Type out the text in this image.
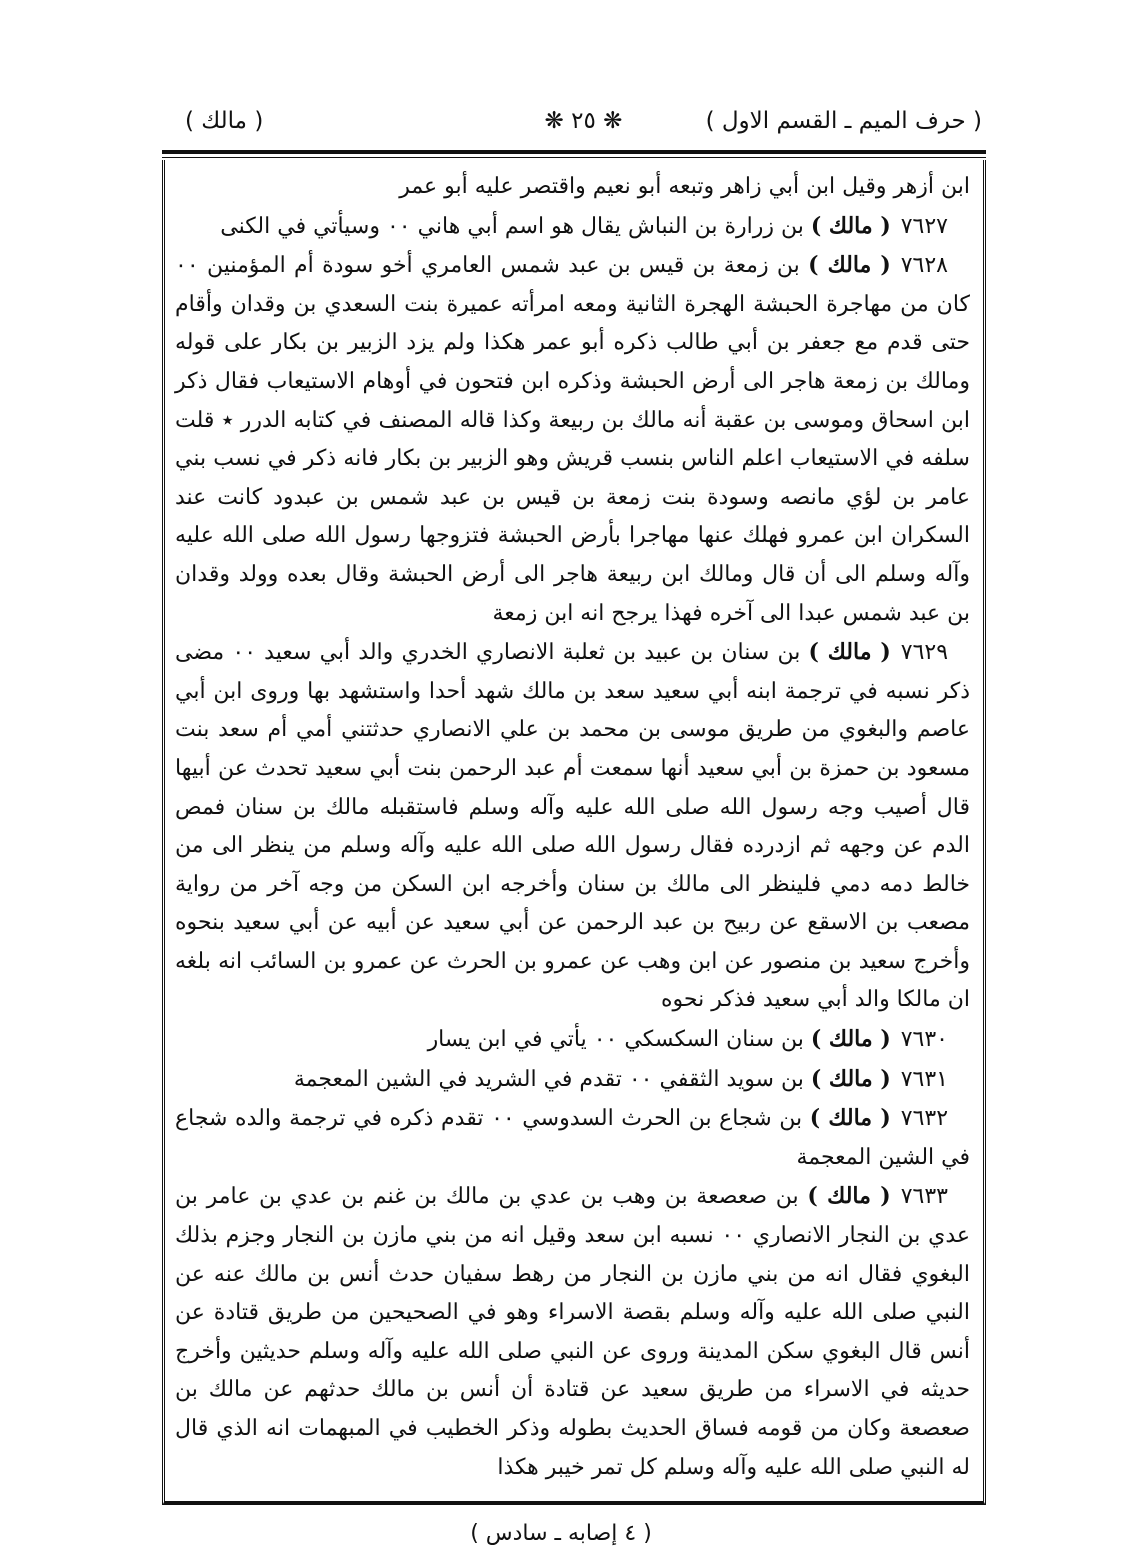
( حرف الميم ـ القسم الاول )
❋ ٢٥ ❋
( مالك )

ابن أزهر وقيل ابن أبي زاهر وتبعه أبو نعيم واقتصر عليه أبو عمر

٧٦٢٧( مالك ) بن زرارة بن النباش يقال هو اسم أبي هاني ٠٠ وسيأتي في الكنى

٧٦٢٨( مالك ) بن زمعة بن قيس بن عبد شمس العامري أخو سودة أم المؤمنين ٠٠ كان من مهاجرة الحبشة الهجرة الثانية ومعه امرأته عميرة بنت السعدي بن وقدان وأقام حتى قدم مع جعفر بن أبي طالب ذكره أبو عمر هكذا ولم يزد الزبير بن بكار على قوله ومالك بن زمعة هاجر الى أرض الحبشة وذكره ابن فتحون في أوهام الاستيعاب فقال ذكر ابن اسحاق وموسى بن عقبة أنه مالك بن ربيعة وكذا قاله المصنف في كتابه الدرر ٭ قلت سلفه في الاستيعاب اعلم الناس بنسب قريش وهو الزبير بن بكار فانه ذكر في نسب بني عامر بن لؤي مانصه وسودة بنت زمعة بن قيس بن عبد شمس بن عبدود كانت عند السكران ابن عمرو فهلك عنها مهاجرا بأرض الحبشة فتزوجها رسول الله صلى الله عليه وآله وسلم الى أن قال ومالك ابن ربيعة هاجر الى أرض الحبشة وقال بعده وولد وقدان بن عبد شمس عبدا الى آخره فهذا يرجح انه ابن زمعة

٧٦٢٩( مالك ) بن سنان بن عبيد بن ثعلبة الانصاري الخدري والد أبي سعيد ٠٠ مضى ذكر نسبه في ترجمة ابنه أبي سعيد سعد بن مالك شهد أحدا واستشهد بها وروى ابن أبي عاصم والبغوي من طريق موسى بن محمد بن علي الانصاري حدثتني أمي أم سعد بنت مسعود بن حمزة بن أبي سعيد أنها سمعت أم عبد الرحمن بنت أبي سعيد تحدث عن أبيها قال أصيب وجه رسول الله صلى الله عليه وآله وسلم فاستقبله مالك بن سنان فمص الدم عن وجهه ثم ازدرده فقال رسول الله صلى الله عليه وآله وسلم من ينظر الى من خالط دمه دمي فلينظر الى مالك بن سنان وأخرجه ابن السكن من وجه آخر من رواية مصعب بن الاسقع عن ربيح بن عبد الرحمن عن أبي سعيد عن أبيه عن أبي سعيد بنحوه وأخرج سعيد بن منصور عن ابن وهب عن عمرو بن الحرث عن عمرو بن السائب انه بلغه ان مالكا والد أبي سعيد فذكر نحوه

٧٦٣٠( مالك ) بن سنان السكسكي ٠٠ يأتي في ابن يسار

٧٦٣١( مالك ) بن سويد الثقفي ٠٠ تقدم في الشريد في الشين المعجمة

٧٦٣٢( مالك ) بن شجاع بن الحرث السدوسي ٠٠ تقدم ذكره في ترجمة والده شجاع في الشين المعجمة

٧٦٣٣( مالك ) بن صعصعة بن وهب بن عدي بن مالك بن غنم بن عدي بن عامر بن عدي بن النجار الانصاري ٠٠ نسبه ابن سعد وقيل انه من بني مازن بن النجار وجزم بذلك البغوي فقال انه من بني مازن بن النجار من رهط سفيان حدث أنس بن مالك عنه عن النبي صلى الله عليه وآله وسلم بقصة الاسراء وهو في الصحيحين من طريق قتادة عن أنس قال البغوي سكن المدينة وروى عن النبي صلى الله عليه وآله وسلم حديثين وأخرج حديثه في الاسراء من طريق سعيد عن قتادة أن أنس بن مالك حدثهم عن مالك بن صعصعة وكان من قومه فساق الحديث بطوله وذكر الخطيب في المبهمات انه الذي قال له النبي صلى الله عليه وآله وسلم كل تمر خيبر هكذا

( ٤ إصابه ـ سادس )
